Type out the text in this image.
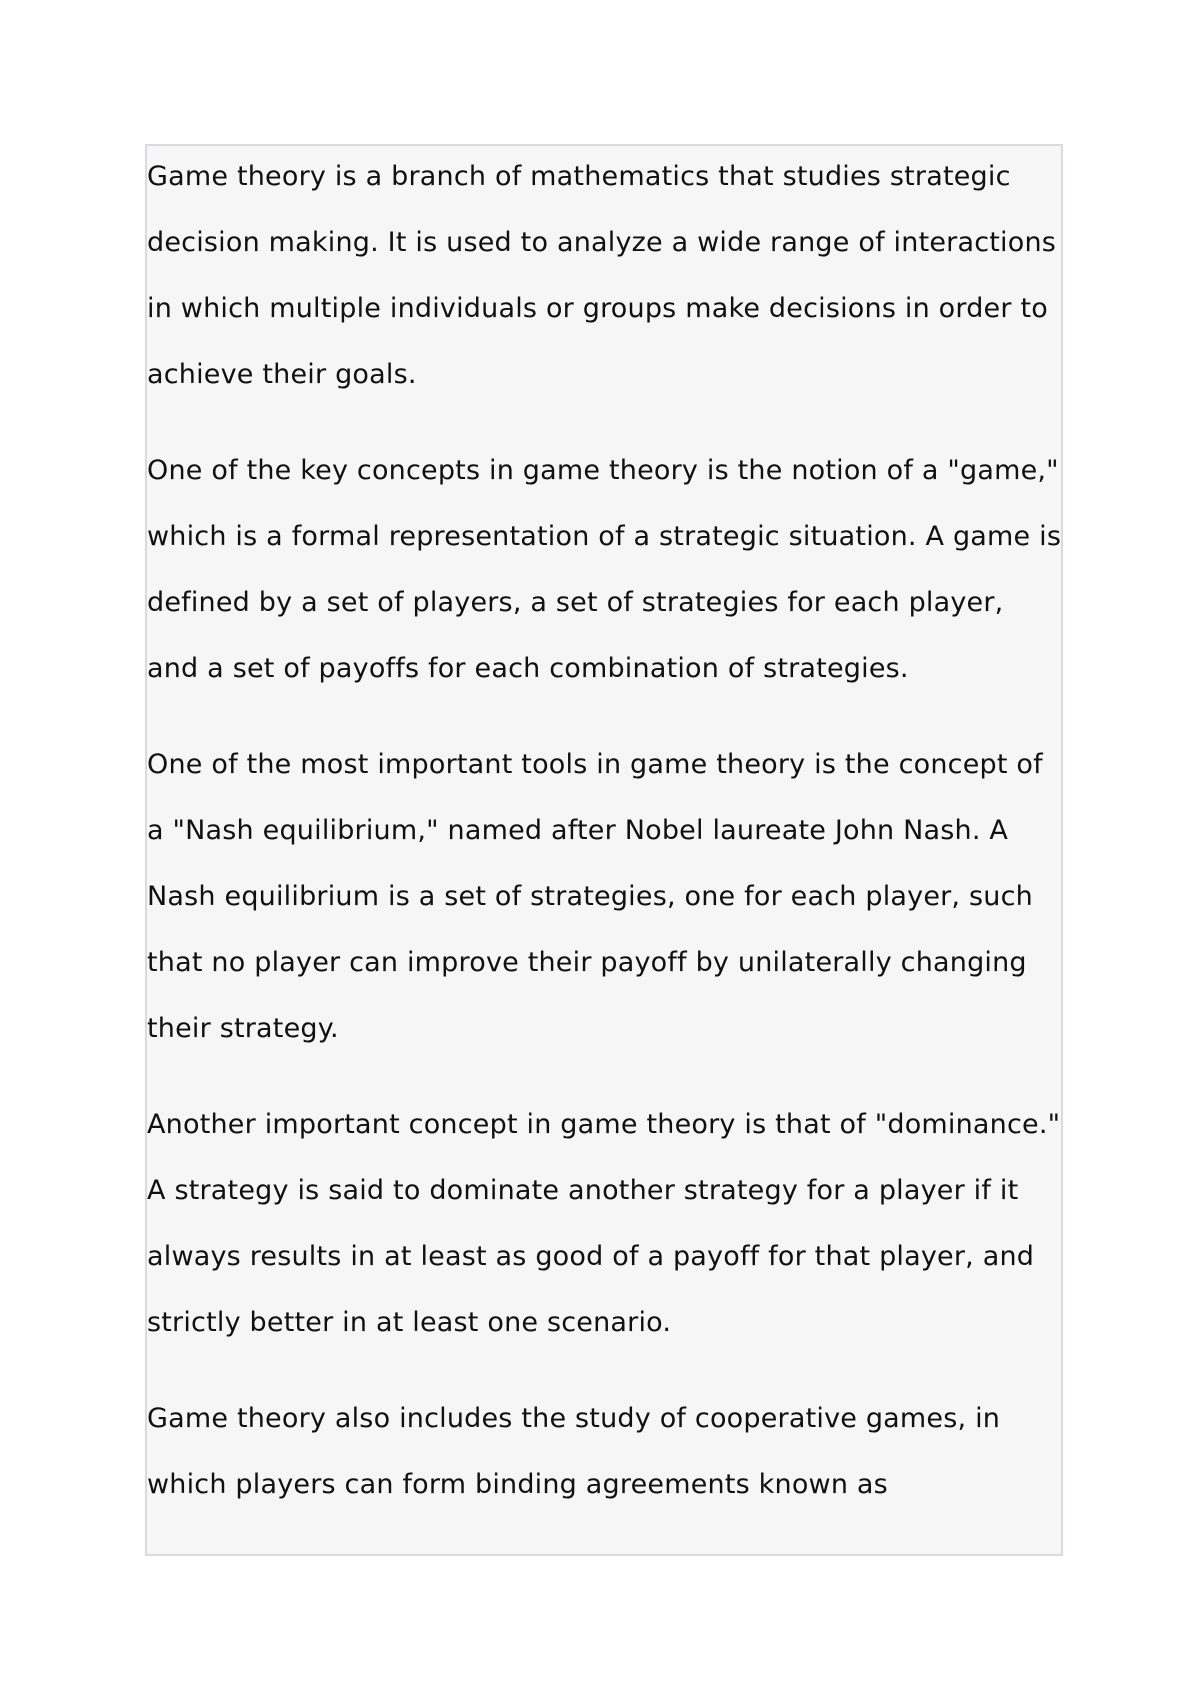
Game theory is a branch of mathematics that studies strategic decision making. It is used to analyze a wide range of interactions in which multiple individuals or groups make decisions in order to achieve their goals.

One of the key concepts in game theory is the notion of a "game," which is a formal representation of a strategic situation. A game is defined by a set of players, a set of strategies for each player, and a set of payoffs for each combination of strategies.

One of the most important tools in game theory is the concept of a "Nash equilibrium," named after Nobel laureate John Nash. A Nash equilibrium is a set of strategies, one for each player, such that no player can improve their payoff by unilaterally changing their strategy.

Another important concept in game theory is that of "dominance." A strategy is said to dominate another strategy for a player if it always results in at least as good of a payoff for that player, and strictly better in at least one scenario.

Game theory also includes the study of cooperative games, in which players can form binding agreements known as
